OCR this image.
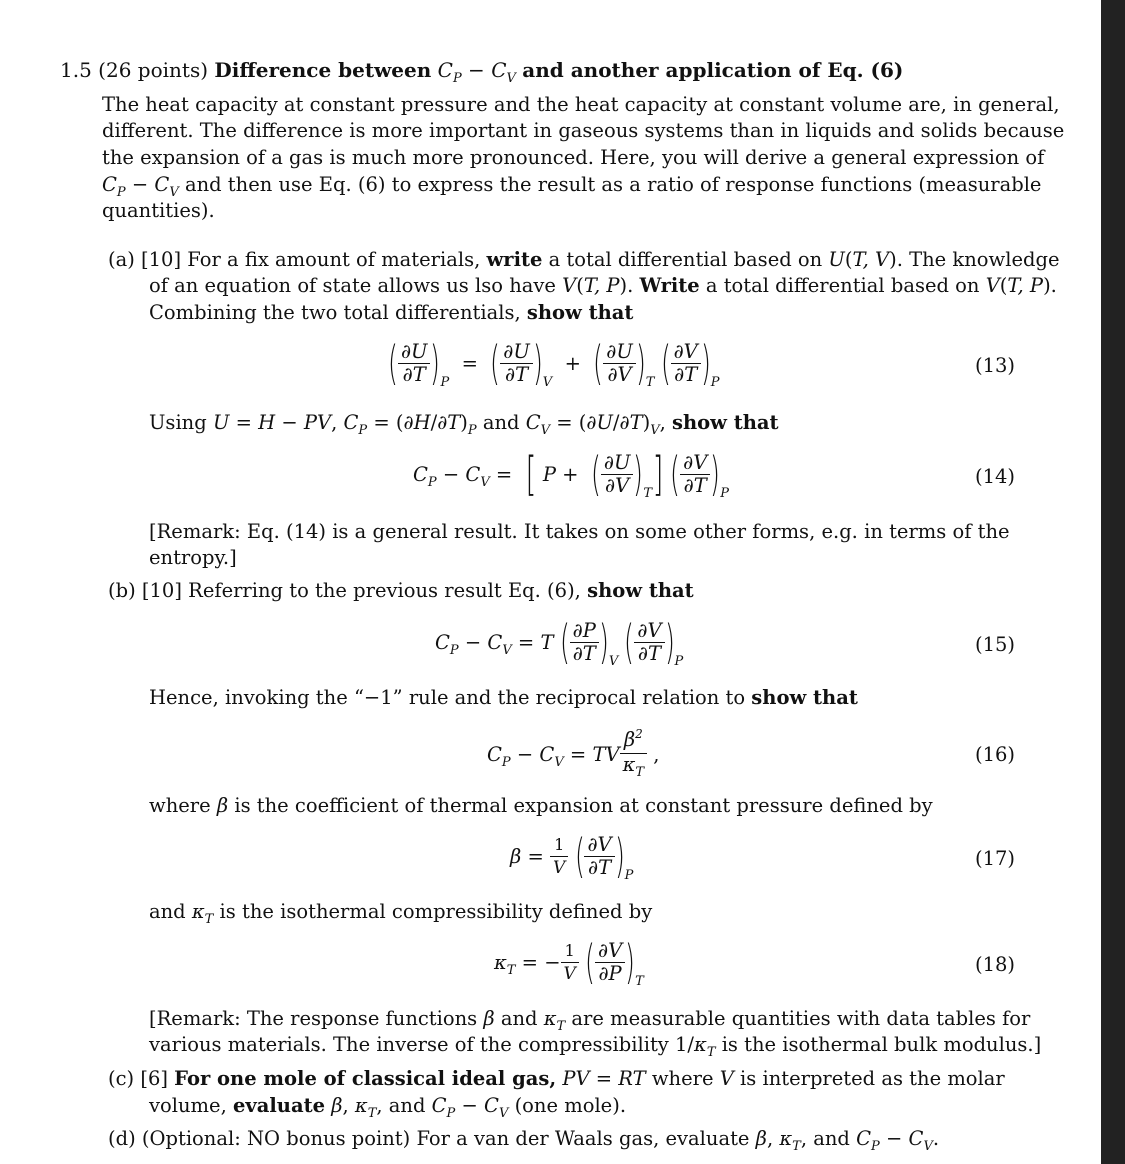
1.5 (26 points) Difference between $C_P - C_V$ and another application of Eq. (6)
The heat capacity at constant pressure and the heat capacity at constant volume are, in general,
different. The difference is more important in gaseous systems than in liquids and solids because
the expansion of a gas is much more pronounced. Here, you will derive a general expression of
$C_P - C_V$ and then use Eq. (6) to express the result as a ratio of response functions (measurable
quantities).
(a) [10] For a fix amount of materials, write a total differential based on U(T, V). The knowledge
of an equation of state allows us lso have V(T, P). Write a total differential based on V(T, P).
Combining the two total differentials, show that
( $\frac{\partial U}{\partial T} )P$  =  ( $\frac{\partial U}{\partial T} )V$  +  ( $\frac{\partial U}{\partial V} )T$ ( $\frac{\partial V}{\partial T} )P$
(13)
Using U = H − PV, $C_P = (\partial H/\partial T)_P$ and $C_V = (\partial U/\partial T)_V$, show that
$C_P - C_V$ =  [ P +  ( $\frac{\partial U}{\partial V} )T$] ( $\frac{\partial V}{\partial T} )P$
(14)
[Remark: Eq. (14) is a general result. It takes on some other forms, e.g. in terms of the
entropy.]
(b) [10] Referring to the previous result Eq. (6), show that
$C_P - C_V = T$ ( $\frac{\partial P}{\partial T} )V$ ( $\frac{\partial V}{\partial T} )P$
(15)
Hence, invoking the “−1” rule and the reciprocal relation to show that
$C_P - C_V$ = TV $\frac{\beta^2}{\kappa_T}$ ,	(16)
where β is the coefficient of thermal expansion at constant pressure defined by
$\beta = \frac{1}{V}$ ( $\frac{\partial V}{\partial T} )P$
(17)
and $\kappa_T$ is the isothermal compressibility defined by
$\kappa_T$ = − $\frac{1}{V}$ ( $\frac{\partial V}{\partial P} )T$
(18)
[Remark: The response functions β and $\kappa_T$ are measurable quantities with data tables for
various materials. The inverse of the compressibility $1/\kappa_T$ is the isothermal bulk modulus.]
(c) [6] For one mole of classical ideal gas, PV = RT where V is interpreted as the molar
volume, evaluate β, $\kappa_T$, and $C_P - C_V$ (one mole).
(d) (Optional: NO bonus point) For a van der Waals gas, evaluate β, $\kappa_T$, and $C_P - C_V$.
